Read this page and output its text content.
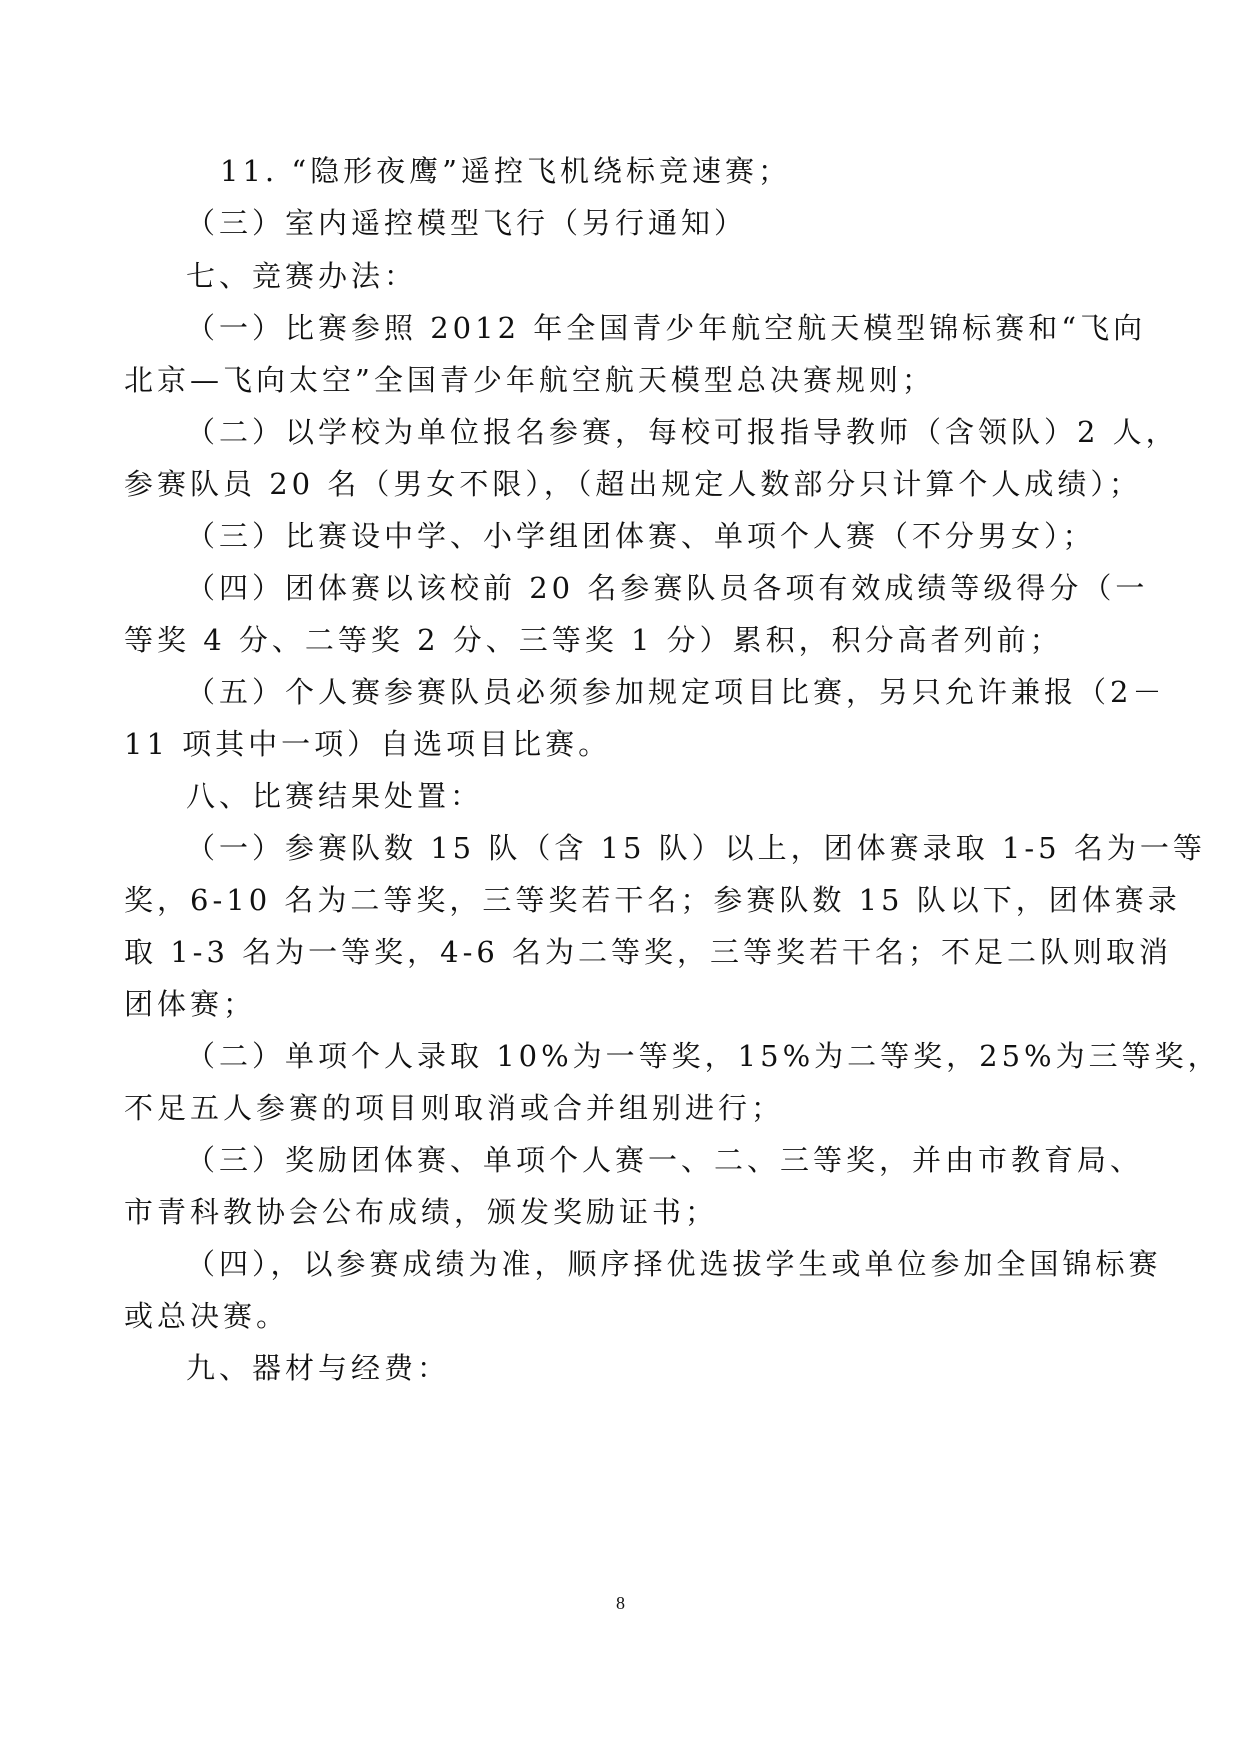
11. “隐形夜鹰”遥控飞机绕标竞速赛；
（三）室内遥控模型飞行（另行通知）
七、竞赛办法：
（一）比赛参照 2012 年全国青少年航空航天模型锦标赛和“飞向
北京—飞向太空”全国青少年航空航天模型总决赛规则；
（二）以学校为单位报名参赛，每校可报指导教师（含领队）2 人，
参赛队员 20 名（男女不限），（超出规定人数部分只计算个人成绩）；
（三）比赛设中学、小学组团体赛、单项个人赛（不分男女）；
（四）团体赛以该校前 20 名参赛队员各项有效成绩等级得分（一
等奖 4 分、二等奖 2 分、三等奖 1 分）累积，积分高者列前；
（五）个人赛参赛队员必须参加规定项目比赛，另只允许兼报（2－
11 项其中一项）自选项目比赛。
八、比赛结果处置：
（一）参赛队数 15 队（含 15 队）以上，团体赛录取 1-5 名为一等
奖，6-10 名为二等奖，三等奖若干名；参赛队数 15 队以下，团体赛录
取 1-3 名为一等奖，4-6 名为二等奖，三等奖若干名；不足二队则取消
团体赛；
（二）单项个人录取 10%为一等奖，15%为二等奖，25%为三等奖，
不足五人参赛的项目则取消或合并组别进行；
（三）奖励团体赛、单项个人赛一、二、三等奖，并由市教育局、
市青科教协会公布成绩，颁发奖励证书；
（四），以参赛成绩为准，顺序择优选拔学生或单位参加全国锦标赛
或总决赛。
九、器材与经费：
8
